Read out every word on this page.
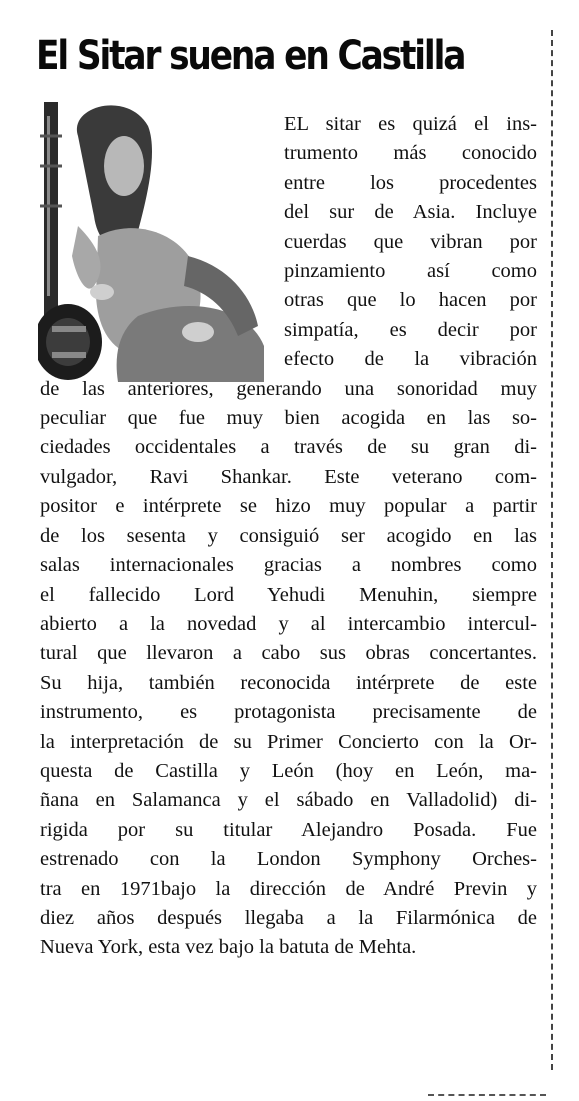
El Sitar suena en Castilla
EL sitar es quizá el ins-
trumento más conocido
entre los procedentes
del sur de Asia. Incluye
cuerdas que vibran por
pinzamiento así como
otras que lo hacen por
simpatía, es decir por
efecto de la vibración
de las anteriores, generando una sonoridad muy
peculiar que fue muy bien acogida en las so-
ciedades occidentales a través de su gran di-
vulgador, Ravi Shankar. Este veterano com-
positor e intérprete se hizo muy popular a partir
de los sesenta y consiguió ser acogido en las
salas internacionales gracias a nombres como
el fallecido Lord Yehudi Menuhin, siempre
abierto a la novedad y al intercambio intercul-
tural que llevaron a cabo sus obras concertantes.
Su hija, también reconocida intérprete de este
instrumento, es protagonista precisamente de
la interpretación de su Primer Concierto con la Or-
questa de Castilla y León (hoy en León, ma-
ñana en Salamanca y el sábado en Valladolid) di-
rigida por su titular Alejandro Posada. Fue
estrenado con la London Symphony Orches-
tra en 1971bajo la dirección de André Previn y
diez años después llegaba a la Filarmónica de
Nueva York, esta vez bajo la batuta de Mehta.
